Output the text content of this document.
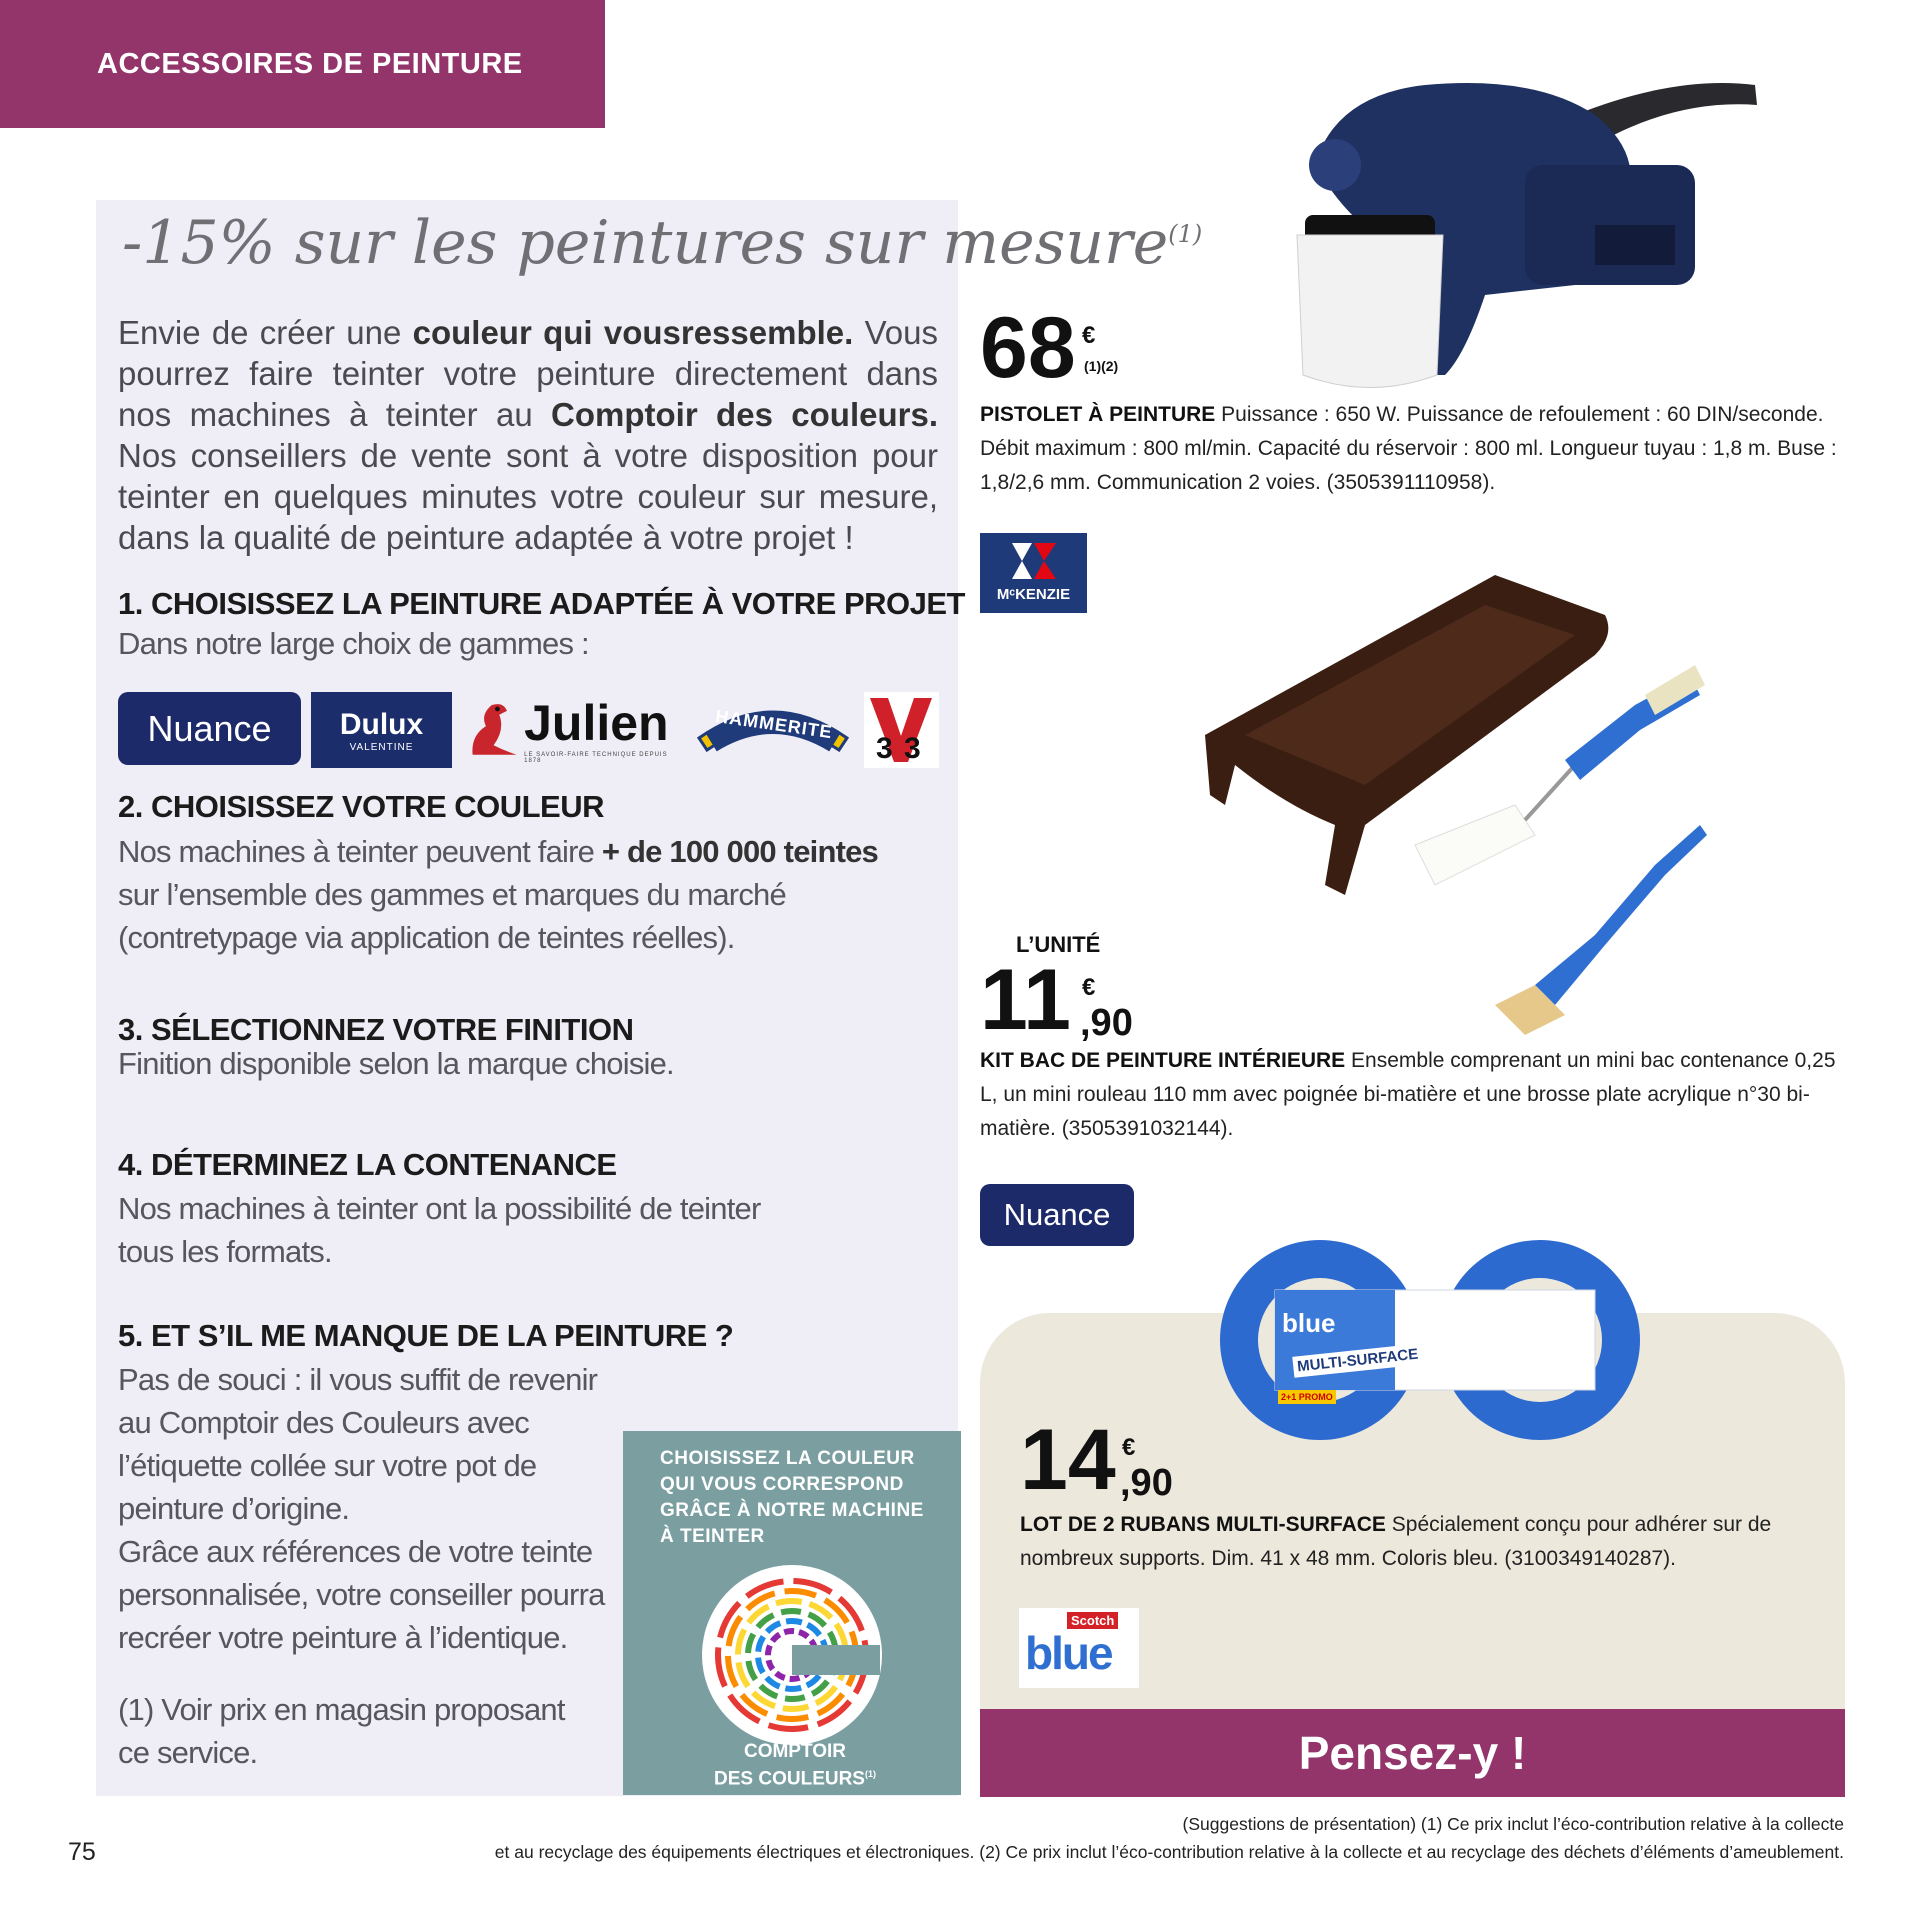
ACCESSOIRES DE PEINTURE
-15% sur les peintures sur mesure$^{(1)}$
Envie de créer une couleur qui vousressemble. Vous pourrez faire teinter votre peinture directement dans nos machines à teinter au Comptoir des couleurs. Nos conseillers de vente sont à votre disposition pour teinter en quelques minutes votre couleur sur mesure, dans la qualité de peinture adaptée à votre projet !
1. CHOISISSEZ LA PEINTURE ADAPTÉE À VOTRE PROJET
Dans notre large choix de gammes :
Nuance Dulux
VALENTINE Julien
LE SAVOIR-FAIRE TECHNIQUE DEPUIS 1878
HAMMERITE
3 3
2. CHOISISSEZ VOTRE COULEUR
Nos machines à teinter peuvent faire + de 100 000 teintes
sur l’ensemble des gammes et marques du marché
(contretypage via application de teintes réelles).
3. SÉLECTIONNEZ VOTRE FINITION
Finition disponible selon la marque choisie.
4. DÉTERMINEZ LA CONTENANCE
Nos machines à teinter ont la possibilité de teinter
tous les formats.
5. ET S’IL ME MANQUE DE LA PEINTURE ?
Pas de souci : il vous suffit de revenir
au Comptoir des Couleurs avec
l’étiquette collée sur votre pot de
peinture d’origine.
Grâce aux références de votre teinte
personnalisée, votre conseiller pourra
recréer votre peinture à l’identique.
(1) Voir prix en magasin proposant
ce service.
CHOISISSEZ LA COULEUR QUI VOUS CORRESPOND GRÂCE À NOTRE MACHINE À TEINTER
COMPTOIR
DES COULEURS$^{(1)}$
68 €
(1)(2)
PISTOLET À PEINTURE Puissance : 650 W. Puissance de refoulement : 60 DIN/seconde. Débit maximum : 800 ml/min. Capacité du réservoir : 800 ml. Longueur tuyau : 1,8 m. Buse : 1,8/2,6 mm. Communication 2 voies. (3505391110958).
MᶜKENZIE
L’UNITÉ
11 €
,90
KIT BAC DE PEINTURE INTÉRIEURE Ensemble comprenant un mini bac contenance 0,25 L, un mini rouleau 110 mm avec poignée bi-matière et une brosse plate acrylique n°30 bi-matière. (3505391032144).
Nuance
blue
MULTI-SURFACE
2+1 PROMO
14 €
,90
LOT DE 2 RUBANS MULTI-SURFACE Spécialement conçu pour adhérer sur de nombreux supports. Dim. 41 x 48 mm. Coloris bleu. (3100349140287).
Scotch
blue
Pensez-y !
(Suggestions de présentation) (1) Ce prix inclut l’éco-contribution relative à la collecte
et au recyclage des équipements électriques et électroniques. (2) Ce prix inclut l’éco-contribution relative à la collecte et au recyclage des déchets d’éléments d’ameublement.
75
